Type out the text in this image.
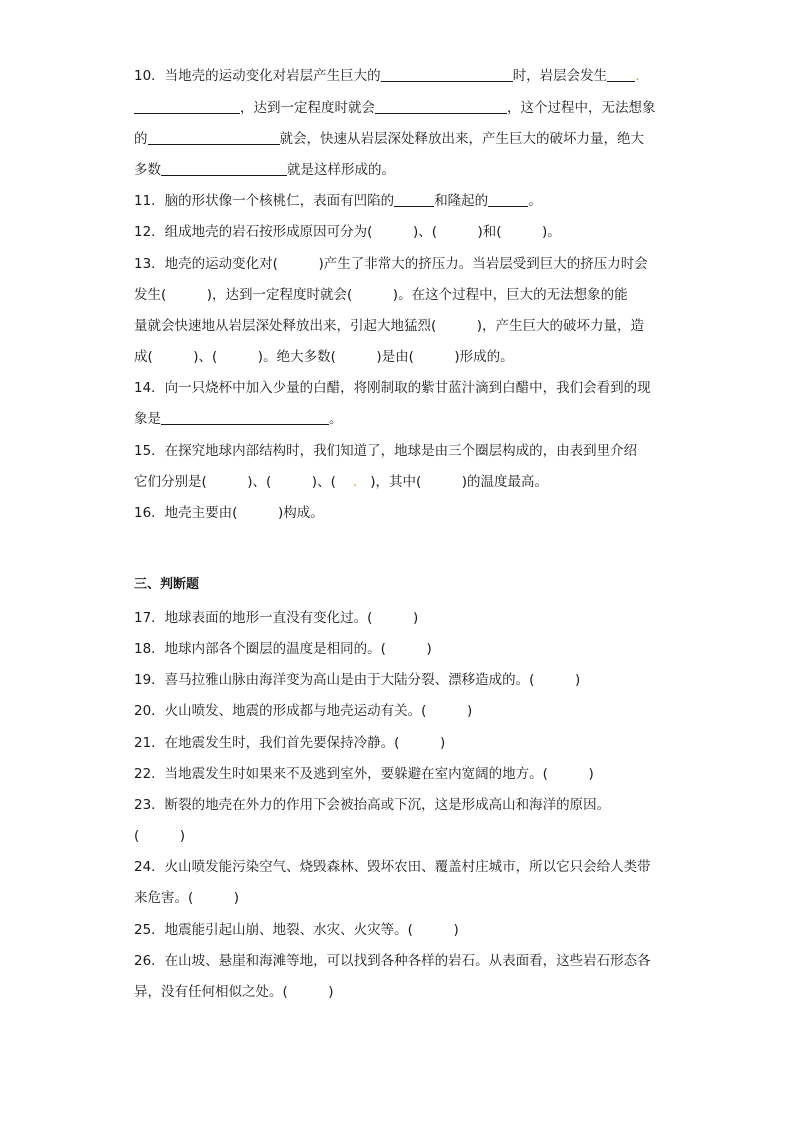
10．当地壳的运动变化对岩层产生巨大的	时，岩层会发生 .
，达到一定程度时就会	，这个过程中，无法想象
的	就会，快速从岩层深处释放出来，产生巨大的破坏力量，绝大
多数	就是这样形成的。
11．脑的形状像一个核桃仁，表面有凹陷的	和隆起的	。
12．组成地壳的岩石按形成原因可分为(　　　)、(　　　)和(　　　)。
13．地壳的运动变化对(　　　)产生了非常大的挤压力。当岩层受到巨大的挤压力时会
发生(　　　)，达到一定程度时就会(　　　)。在这个过程中，巨大的无法想象的能
量就会快速地从岩层深处释放出来，引起大地猛烈(　　　)，产生巨大的破坏力量，造
成(　　　)、(　　　)。绝大多数(　　　)是由(　　　)形成的。
14．向一只烧杯中加入少量的白醋，将刚制取的紫甘蓝汁滴到白醋中，我们会看到的现
象是	。
15．在探究地球内部结构时，我们知道了，地球是由三个圈层构成的，由表到里介绍
它们分别是(　　　)、(　　　)、( . )，其中(　　　)的温度最高。
16．地壳主要由(　　　)构成。
三、判断题
17．地球表面的地形一直没有变化过。(　　　)
18．地球内部各个圈层的温度是相同的。(　　　)
19．喜马拉雅山脉由海洋变为高山是由于大陆分裂、漂移造成的。(　　　)
20．火山喷发、地震的形成都与地壳运动有关。(　　　)
21．在地震发生时，我们首先要保持冷静。(　　　)
22．当地震发生时如果来不及逃到室外，要躲避在室内宽阔的地方。(　　　)
23．断裂的地壳在外力的作用下会被抬高或下沉，这是形成高山和海洋的原因。
(　　　)
24．火山喷发能污染空气、烧毁森林、毁坏农田、覆盖村庄城市，所以它只会给人类带
来危害。(　　　)
25．地震能引起山崩、地裂、水灾、火灾等。(　　　)
26．在山坡、悬崖和海滩等地，可以找到各种各样的岩石。从表面看，这些岩石形态各
异，没有任何相似之处。(　　　)
